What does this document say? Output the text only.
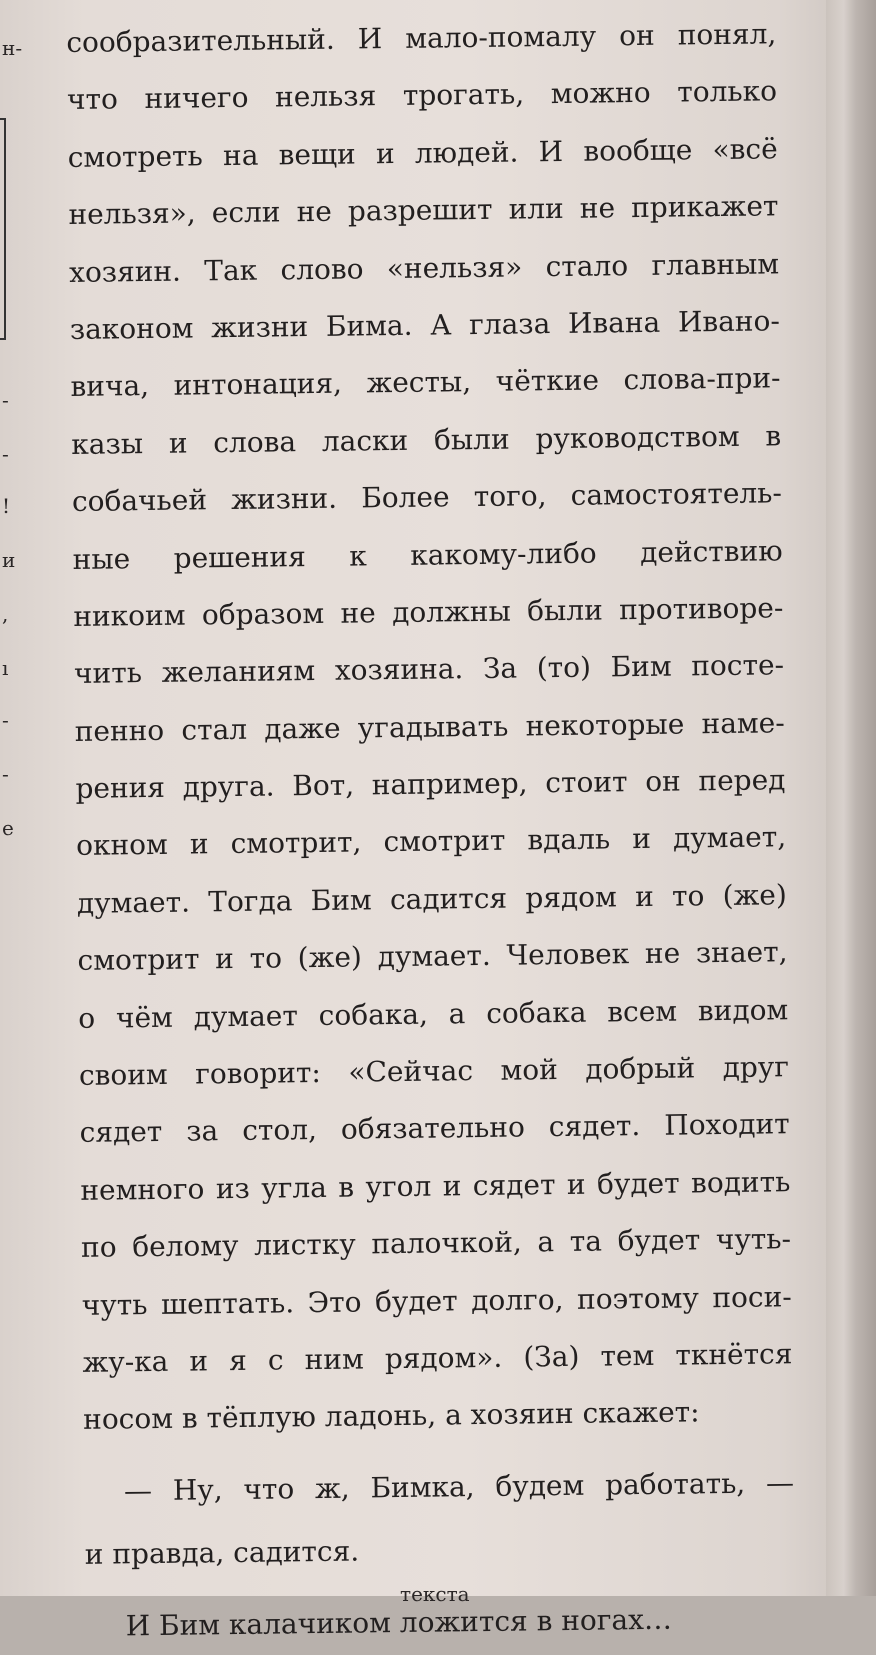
н-
-
-
!
и
,
ı
-
-
е
сообразительный. И мало-помалу он понял,
что ничего нельзя трогать, можно только
смотреть на вещи и людей. И вообще «всё
нельзя», если не разрешит или не прикажет
хозяин. Так слово «нельзя» стало главным
законом жизни Бима. А глаза Ивана Ивано-
вича, интонация, жесты, чёткие слова-при-
казы и слова ласки были руководством в
собачьей жизни. Более того, самостоятель-
ные решения к какому-либо действию
никоим образом не должны были противоре-
чить желаниям хозяина. За (то) Бим посте-
пенно стал даже угадывать некоторые наме-
рения друга. Вот, например, стоит он перед
окном и смотрит, смотрит вдаль и думает,
думает. Тогда Бим садится рядом и то (же)
смотрит и то (же) думает. Человек не знает,
о чём думает собака, а собака всем видом
своим говорит: «Сейчас мой добрый друг
сядет за стол, обязательно сядет. Походит
немного из угла в угол и сядет и будет водить
по белому листку палочкой, а та будет чуть-
чуть шептать. Это будет долго, поэтому поси-
жу-ка и я с ним рядом». (За) тем ткнётся
носом в тёплую ладонь, а хозяин скажет:
— Ну, что ж, Бимка, будем работать, —
и правда, садится.
И Бим калачиком ложится в ногах…
текста
